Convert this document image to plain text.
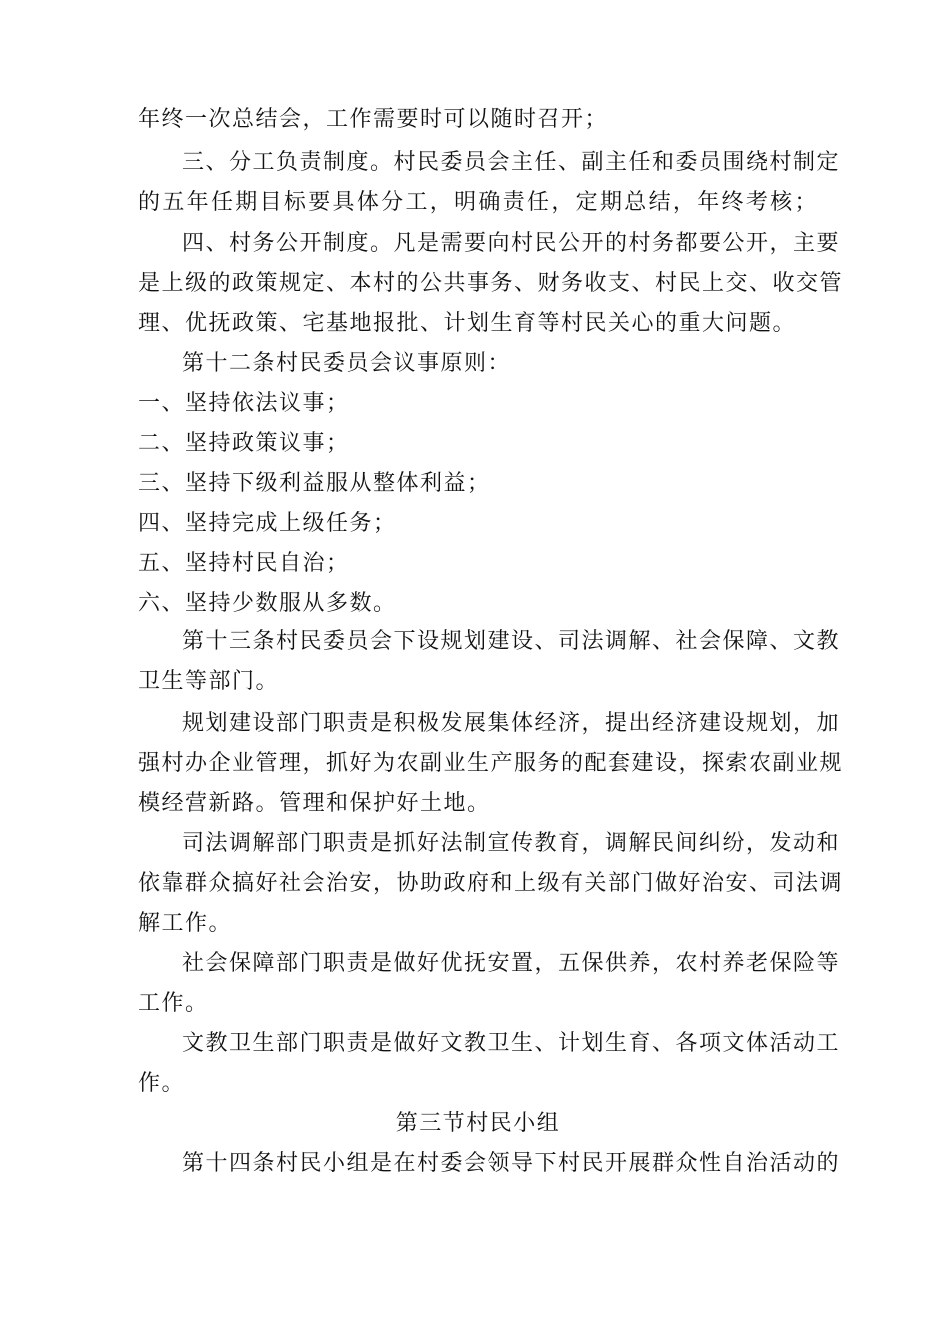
年终一次总结会，工作需要时可以随时召开；
三、分工负责制度。村民委员会主任、副主任和委员围绕村制定
的五年任期目标要具体分工，明确责任，定期总结，年终考核；
四、村务公开制度。凡是需要向村民公开的村务都要公开，主要
是上级的政策规定、本村的公共事务、财务收支、村民上交、收交管
理、优抚政策、宅基地报批、计划生育等村民关心的重大问题。
第十二条村民委员会议事原则：
一、坚持依法议事；
二、坚持政策议事；
三、坚持下级利益服从整体利益；
四、坚持完成上级任务；
五、坚持村民自治；
六、坚持少数服从多数。
第十三条村民委员会下设规划建设、司法调解、社会保障、文教
卫生等部门。
规划建设部门职责是积极发展集体经济，提出经济建设规划，加
强村办企业管理，抓好为农副业生产服务的配套建设，探索农副业规
模经营新路。管理和保护好土地。
司法调解部门职责是抓好法制宣传教育，调解民间纠纷，发动和
依靠群众搞好社会治安，协助政府和上级有关部门做好治安、司法调
解工作。
社会保障部门职责是做好优抚安置，五保供养，农村养老保险等
工作。
文教卫生部门职责是做好文教卫生、计划生育、各项文体活动工
作。
第三节村民小组
第十四条村民小组是在村委会领导下村民开展群众性自治活动的
